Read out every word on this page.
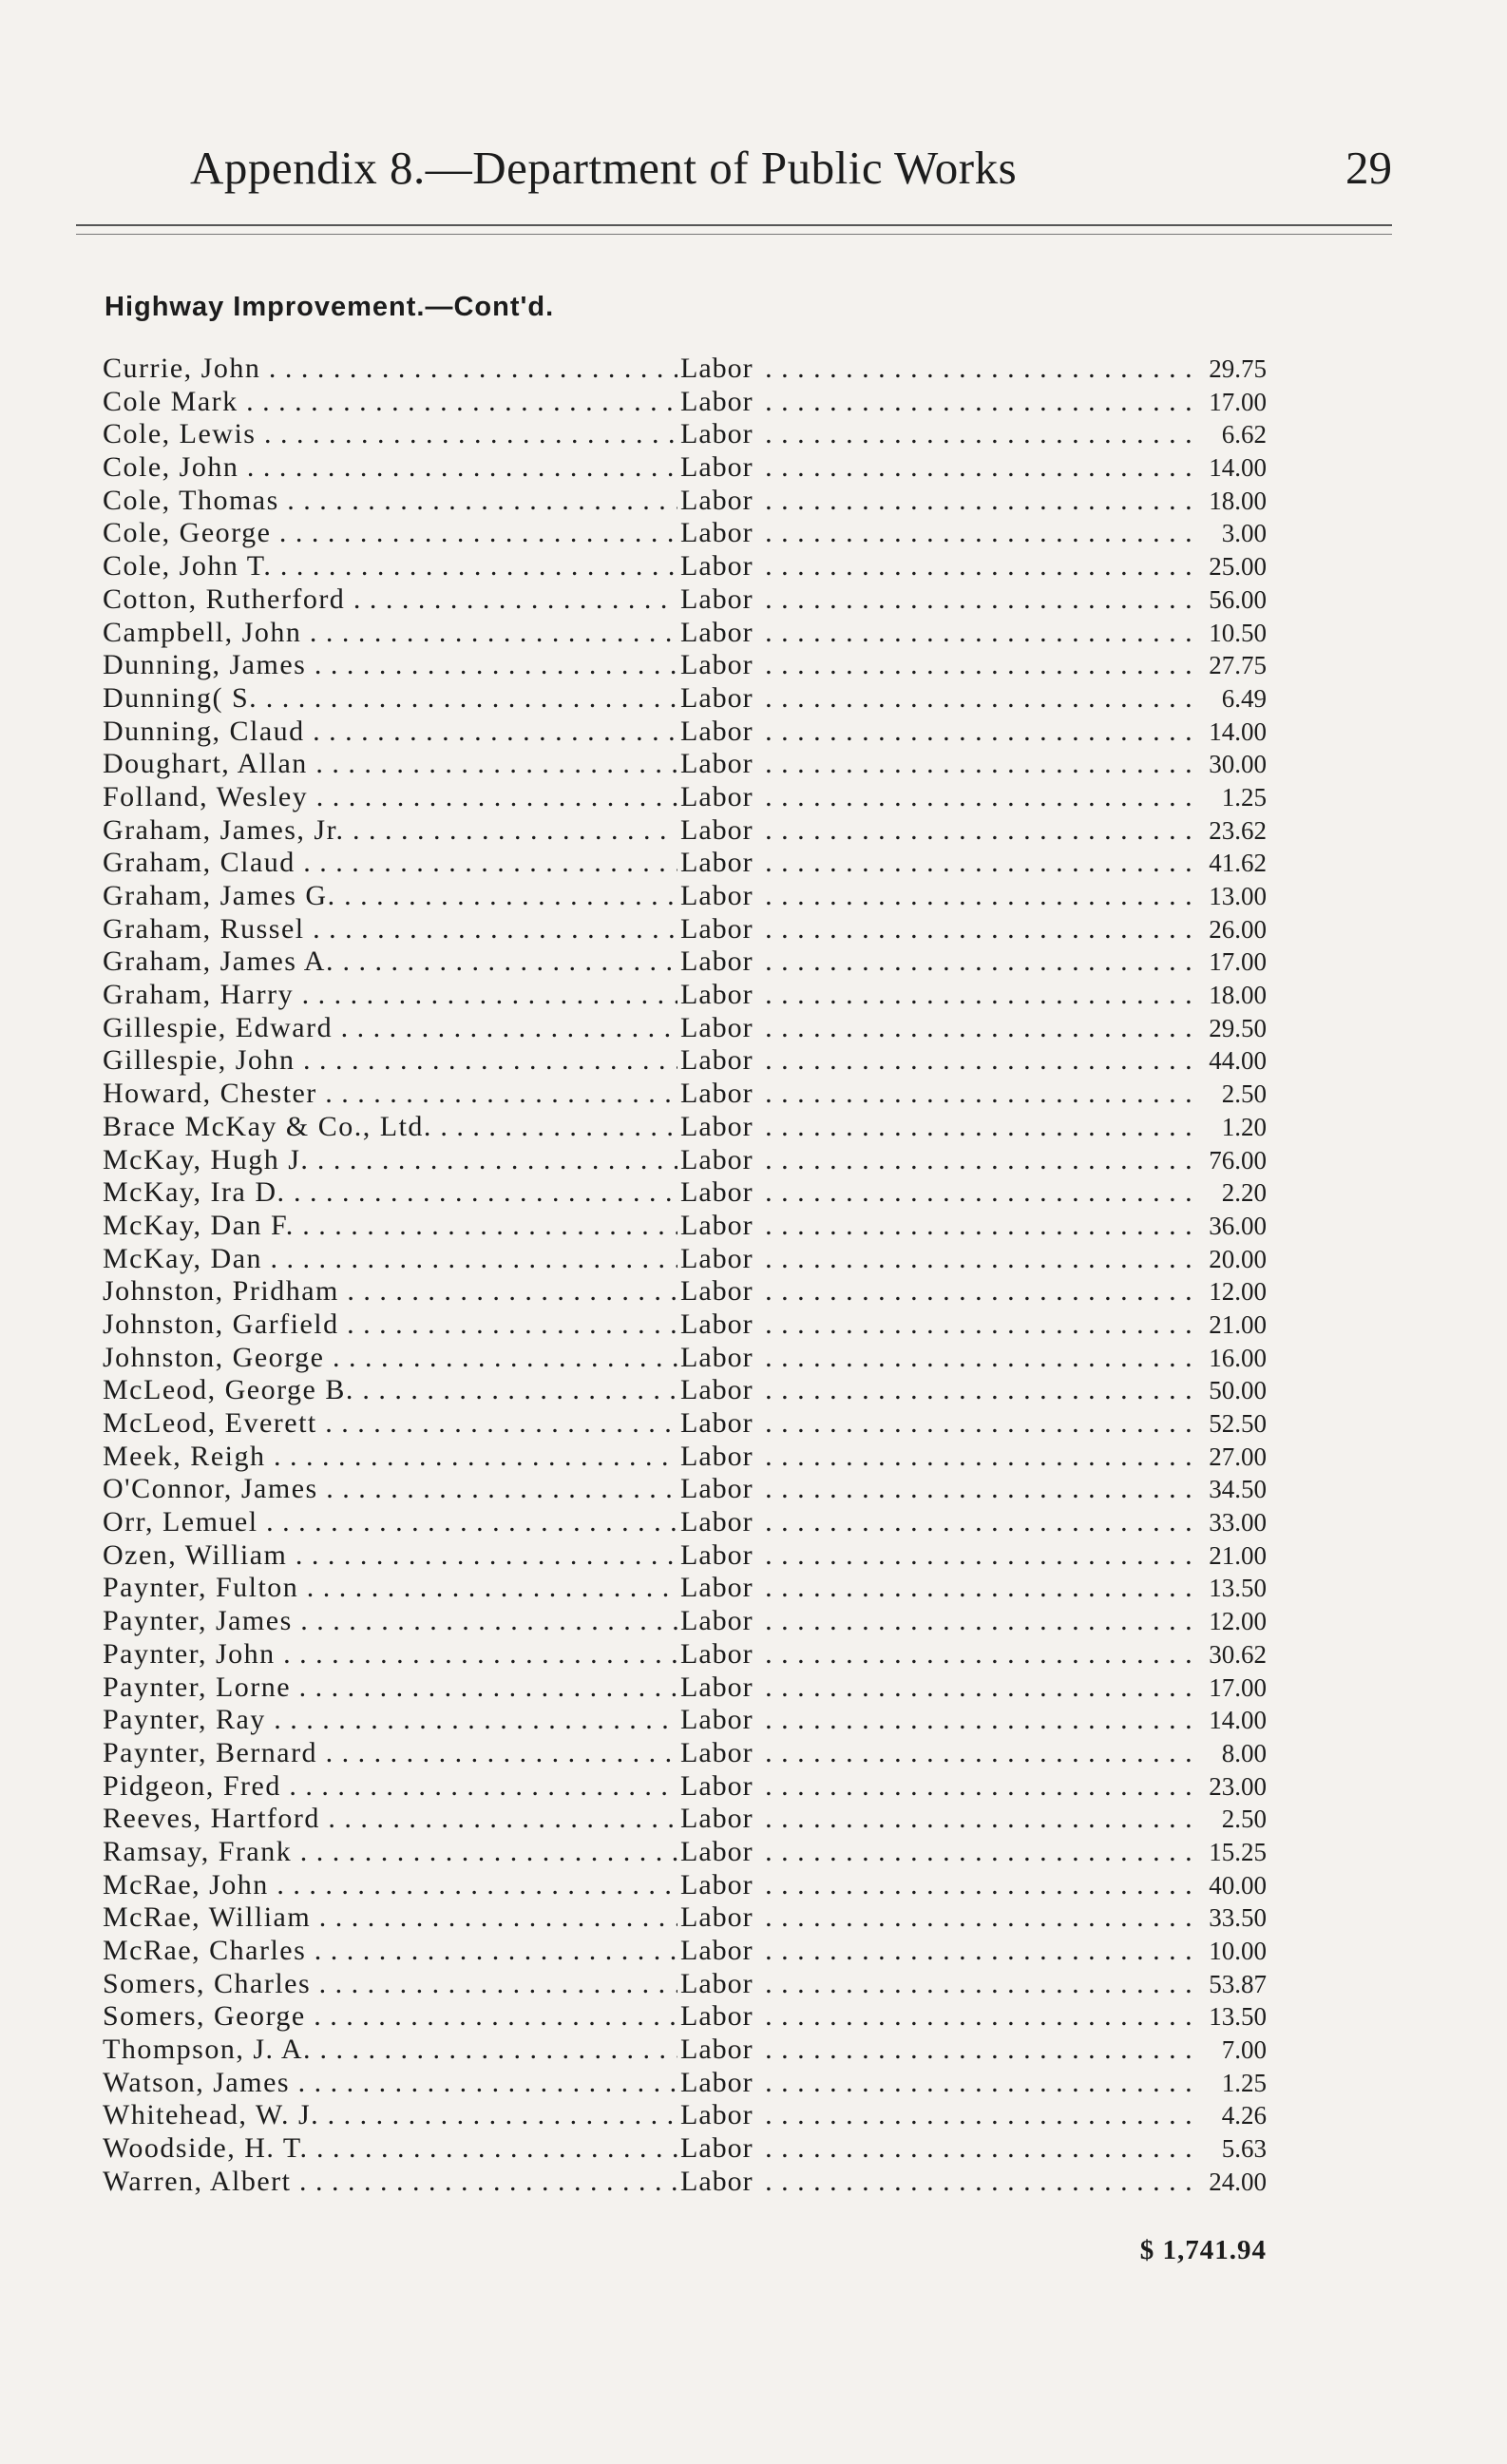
Appendix 8.—Department of Public Works	29
Highway Improvement.—Cont'd.
Currie, John . . .	Labor . . .	29.75
Cole Mark . . .	Labor . . .	17.00
Cole, Lewis . . .	Labor . . .	6.62
Cole, John . . .	Labor . . .	14.00
Cole, Thomas . . .	Labor . . .	18.00
Cole, George . . .	Labor . . .	3.00
Cole, John T. . . .	Labor . . .	25.00
Cotton, Rutherford . . .	Labor . . .	56.00
Campbell, John . . .	Labor . . .	10.50
Dunning, James . . .	Labor . . .	27.75
Dunning( S. . . .	Labor . . .	6.49
Dunning, Claud . . .	Labor . . .	14.00
Doughart, Allan . . .	Labor . . .	30.00
Folland, Wesley . . .	Labor . . .	1.25
Graham, James, Jr. . . .	Labor . . .	23.62
Graham, Claud . . .	Labor . . .	41.62
Graham, James G. . . .	Labor . . .	13.00
Graham, Russel . . .	Labor . . .	26.00
Graham, James A. . . .	Labor . . .	17.00
Graham, Harry . . .	Labor . . .	18.00
Gillespie, Edward . . .	Labor . . .	29.50
Gillespie, John . . .	Labor . . .	44.00
Howard, Chester . . .	Labor . . .	2.50
Brace McKay & Co., Ltd. . . .	Labor . . .	1.20
McKay, Hugh J. . . .	Labor . . .	76.00
McKay, Ira D. . . .	Labor . . .	2.20
McKay, Dan F. . . .	Labor . . .	36.00
McKay, Dan . . .	Labor . . .	20.00
Johnston, Pridham . . .	Labor . . .	12.00
Johnston, Garfield . . .	Labor . . .	21.00
Johnston, George . . .	Labor . . .	16.00
McLeod, George B. . . .	Labor . . .	50.00
McLeod, Everett . . .	Labor . . .	52.50
Meek, Reigh . . .	Labor . . .	27.00
O'Connor, James . . .	Labor . . .	34.50
Orr, Lemuel . . .	Labor . . .	33.00
Ozen, William . . .	Labor . . .	21.00
Paynter, Fulton . . .	Labor . . .	13.50
Paynter, James . . .	Labor . . .	12.00
Paynter, John . . .	Labor . . .	30.62
Paynter, Lorne . . .	Labor . . .	17.00
Paynter, Ray . . .	Labor . . .	14.00
Paynter, Bernard . . .	Labor . . .	8.00
Pidgeon, Fred . . .	Labor . . .	23.00
Reeves, Hartford . . .	Labor . . .	2.50
Ramsay, Frank . . .	Labor . . .	15.25
McRae, John . . .	Labor . . .	40.00
McRae, William . . .	Labor . . .	33.50
McRae, Charles . . .	Labor . . .	10.00
Somers, Charles . . .	Labor . . .	53.87
Somers, George . . .	Labor . . .	13.50
Thompson, J. A. . . .	Labor . . .	7.00
Watson, James . . .	Labor . . .	1.25
Whitehead, W. J. . . .	Labor . . .	4.26
Woodside, H. T. . . .	Labor . . .	5.63
Warren, Albert . . .	Labor . . .	24.00
$ 1,741.94
